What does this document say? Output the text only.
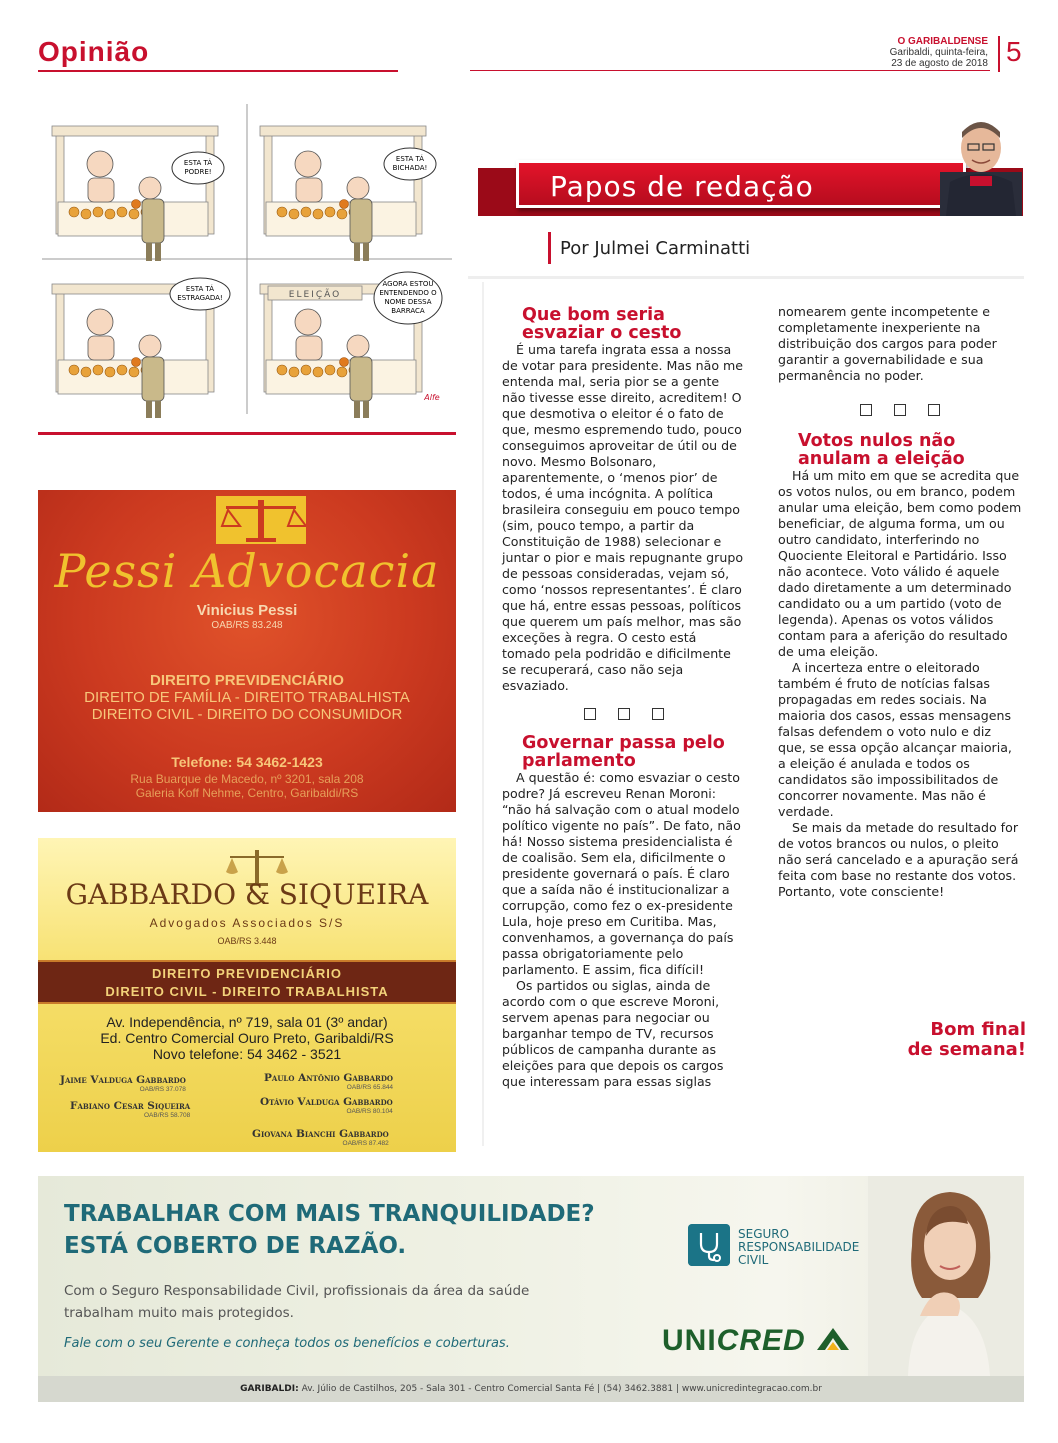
Opinião	O GARIBALDENSE
Garibaldi, quinta-feira,
23 de agosto de 2018 5
ELEIÇÃO
ESTA TÁ
PODRE!
ESTA TÁ
BICHADA!
ESTA TÁ
ESTRAGADA!
AGORA ESTOU
ENTENDENDO O
NOME DESSA
BARRACA
Alfe
Papos de redação
Por Julmei Carminatti
Que bom seria esvaziar o cesto

É uma tarefa ingrata essa a nossa de votar para presidente. Mas não me entenda mal, seria pior se a gente não tivesse esse direito, acreditem! O que desmotiva o eleitor é o fato de que, mesmo espremendo tudo, pouco conseguimos aproveitar de útil ou de novo. Mesmo Bolsonaro, aparentemente, o ‘menos pior’ de todos, é uma incógnita. A política brasileira conseguiu em pouco tempo (sim, pouco tempo, a partir da Constituição de 1988) selecionar e juntar o pior e mais repugnante grupo de pessoas consideradas, vejam só, como ‘nossos representantes’. É claro que há, entre essas pessoas, políticos que querem um país melhor, mas são exceções à regra. O cesto está tomado pela podridão e dificilmente se recuperará, caso não seja esvaziado.

Governar passa pelo parlamento

A questão é: como esvaziar o cesto podre? Já escreveu Renan Moroni: “não há salvação com o atual modelo político vigente no país”. De fato, não há! Nosso sistema presidencialista é de coalisão. Sem ela, dificilmente o presidente governará o país. É claro que a saída não é institucionalizar a corrupção, como fez o ex-presidente Lula, hoje preso em Curitiba. Mas, convenhamos, a governança do país passa obrigatoriamente pelo parlamento. E assim, fica difícil!

Os partidos ou siglas, ainda de acordo com o que escreve Moroni, servem apenas para negociar ou barganhar tempo de TV, recursos públicos de campanha durante as eleições para que depois os cargos que interessam para essas siglas

nomearem gente incompetente e completamente inexperiente na distribuição dos cargos para poder garantir a governabilidade e sua permanência no poder.
Votos nulos não anulam a eleição

Há um mito em que se acredita que os votos nulos, ou em branco, podem anular uma eleição, bem como podem beneficiar, de alguma forma, um ou outro candidato, interferindo no Quociente Eleitoral e Partidário. Isso não acontece. Voto válido é aquele dado diretamente a um determinado candidato ou a um partido (voto de legenda). Apenas os votos válidos contam para a aferição do resultado de uma eleição.

A incerteza entre o eleitorado também é fruto de notícias falsas propagadas em redes sociais. Na maioria dos casos, essas mensagens falsas defendem o voto nulo e diz que, se essa opção alcançar maioria, a eleição é anulada e todos os candidatos são impossibilitados de concorrer novamente. Mas não é verdade.

Se mais da metade do resultado for de votos brancos ou nulos, o pleito não será cancelado e a apuração será feita com base no restante dos votos. Portanto, vote consciente!

Bom final
de semana!
Pessi Advocacia
Vinicius Pessi
OAB/RS 83.248
DIREITO PREVIDENCIÁRIO
DIREITO DE FAMÍLIA - DIREITO TRABALHISTA
DIREITO CIVIL - DIREITO DO CONSUMIDOR
Telefone: 54 3462-1423
Rua Buarque de Macedo, nº 3201, sala 208
Galeria Koff Nehme, Centro, Garibaldi/RS
GABBARDO & SIQUEIRA
Advogados Associados S/S
OAB/RS 3.448
DIREITO PREVIDENCIÁRIO
DIREITO CIVIL - DIREITO TRABALHISTA
Av. Independência, nº 719, sala 01 (3º andar)
Ed. Centro Comercial Ouro Preto, Garibaldi/RS
Novo telefone: 54 3462 - 3521
Jaime Valduga Gabbardo
OAB/RS 37.078
Paulo Antônio Gabbardo
OAB/RS 65.844
Fabiano Cesar Siqueira
OAB/RS 58.708
Otávio Valduga Gabbardo
OAB/RS 80.104
Giovana Bianchi Gabbardo
OAB/RS 87.482
TRABALHAR COM MAIS TRANQUILIDADE?
ESTÁ COBERTO DE RAZÃO.
Com o Seguro Responsabilidade Civil, profissionais da área da saúde
trabalham muito mais protegidos.
Fale com o seu Gerente e conheça todos os benefícios e coberturas.
SEGURO
RESPONSABILIDADE
CIVIL
UNICRED
GARIBALDI: Av. Júlio de Castilhos, 205 - Sala 301 - Centro Comercial Santa Fé | (54) 3462.3881 | www.unicredintegracao.com.br
